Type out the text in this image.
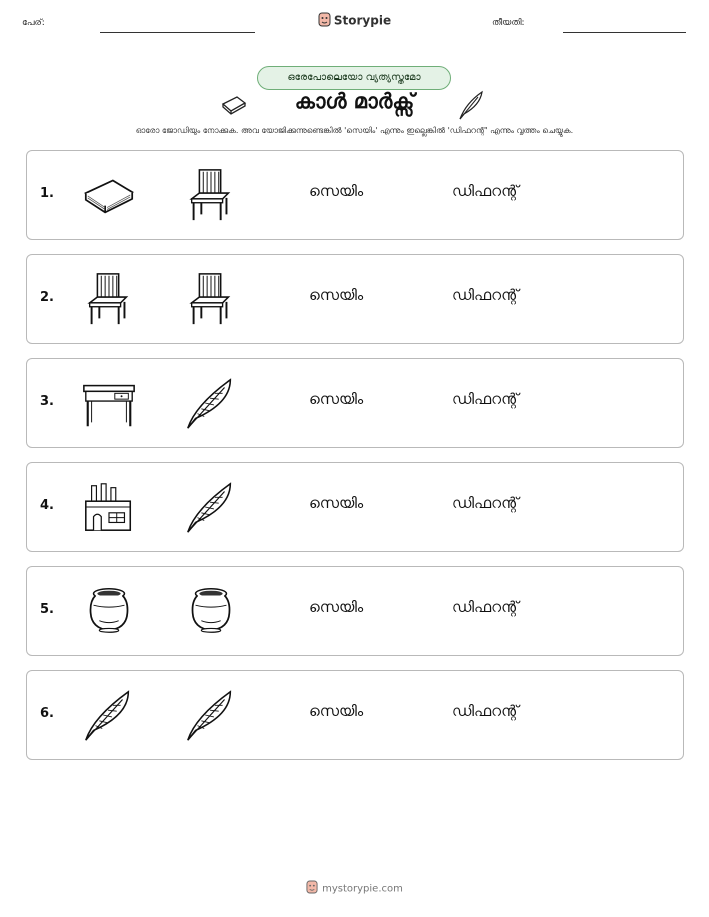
പേര്:	Storypie	തീയതി:
ഒരേപോലെയോ വ്യത്യസ്തമോ
കാൾ മാർക്സ്
ഓരോ ജോഡിയും നോക്കുക. അവ യോജിക്കുന്നുണ്ടെങ്കിൽ 'സെയിം' എന്നും ഇല്ലെങ്കിൽ 'ഡിഫറന്റ്' എന്നും വൃത്തം ചെയ്യുക.
1.	സെയിം	ഡിഫറന്റ്
2.	സെയിം	ഡിഫറന്റ്
3.	സെയിം	ഡിഫറന്റ്
4.	സെയിം	ഡിഫറന്റ്
5.	സെയിം	ഡിഫറന്റ്
6.	സെയിം	ഡിഫറന്റ്
mystorypie.com
